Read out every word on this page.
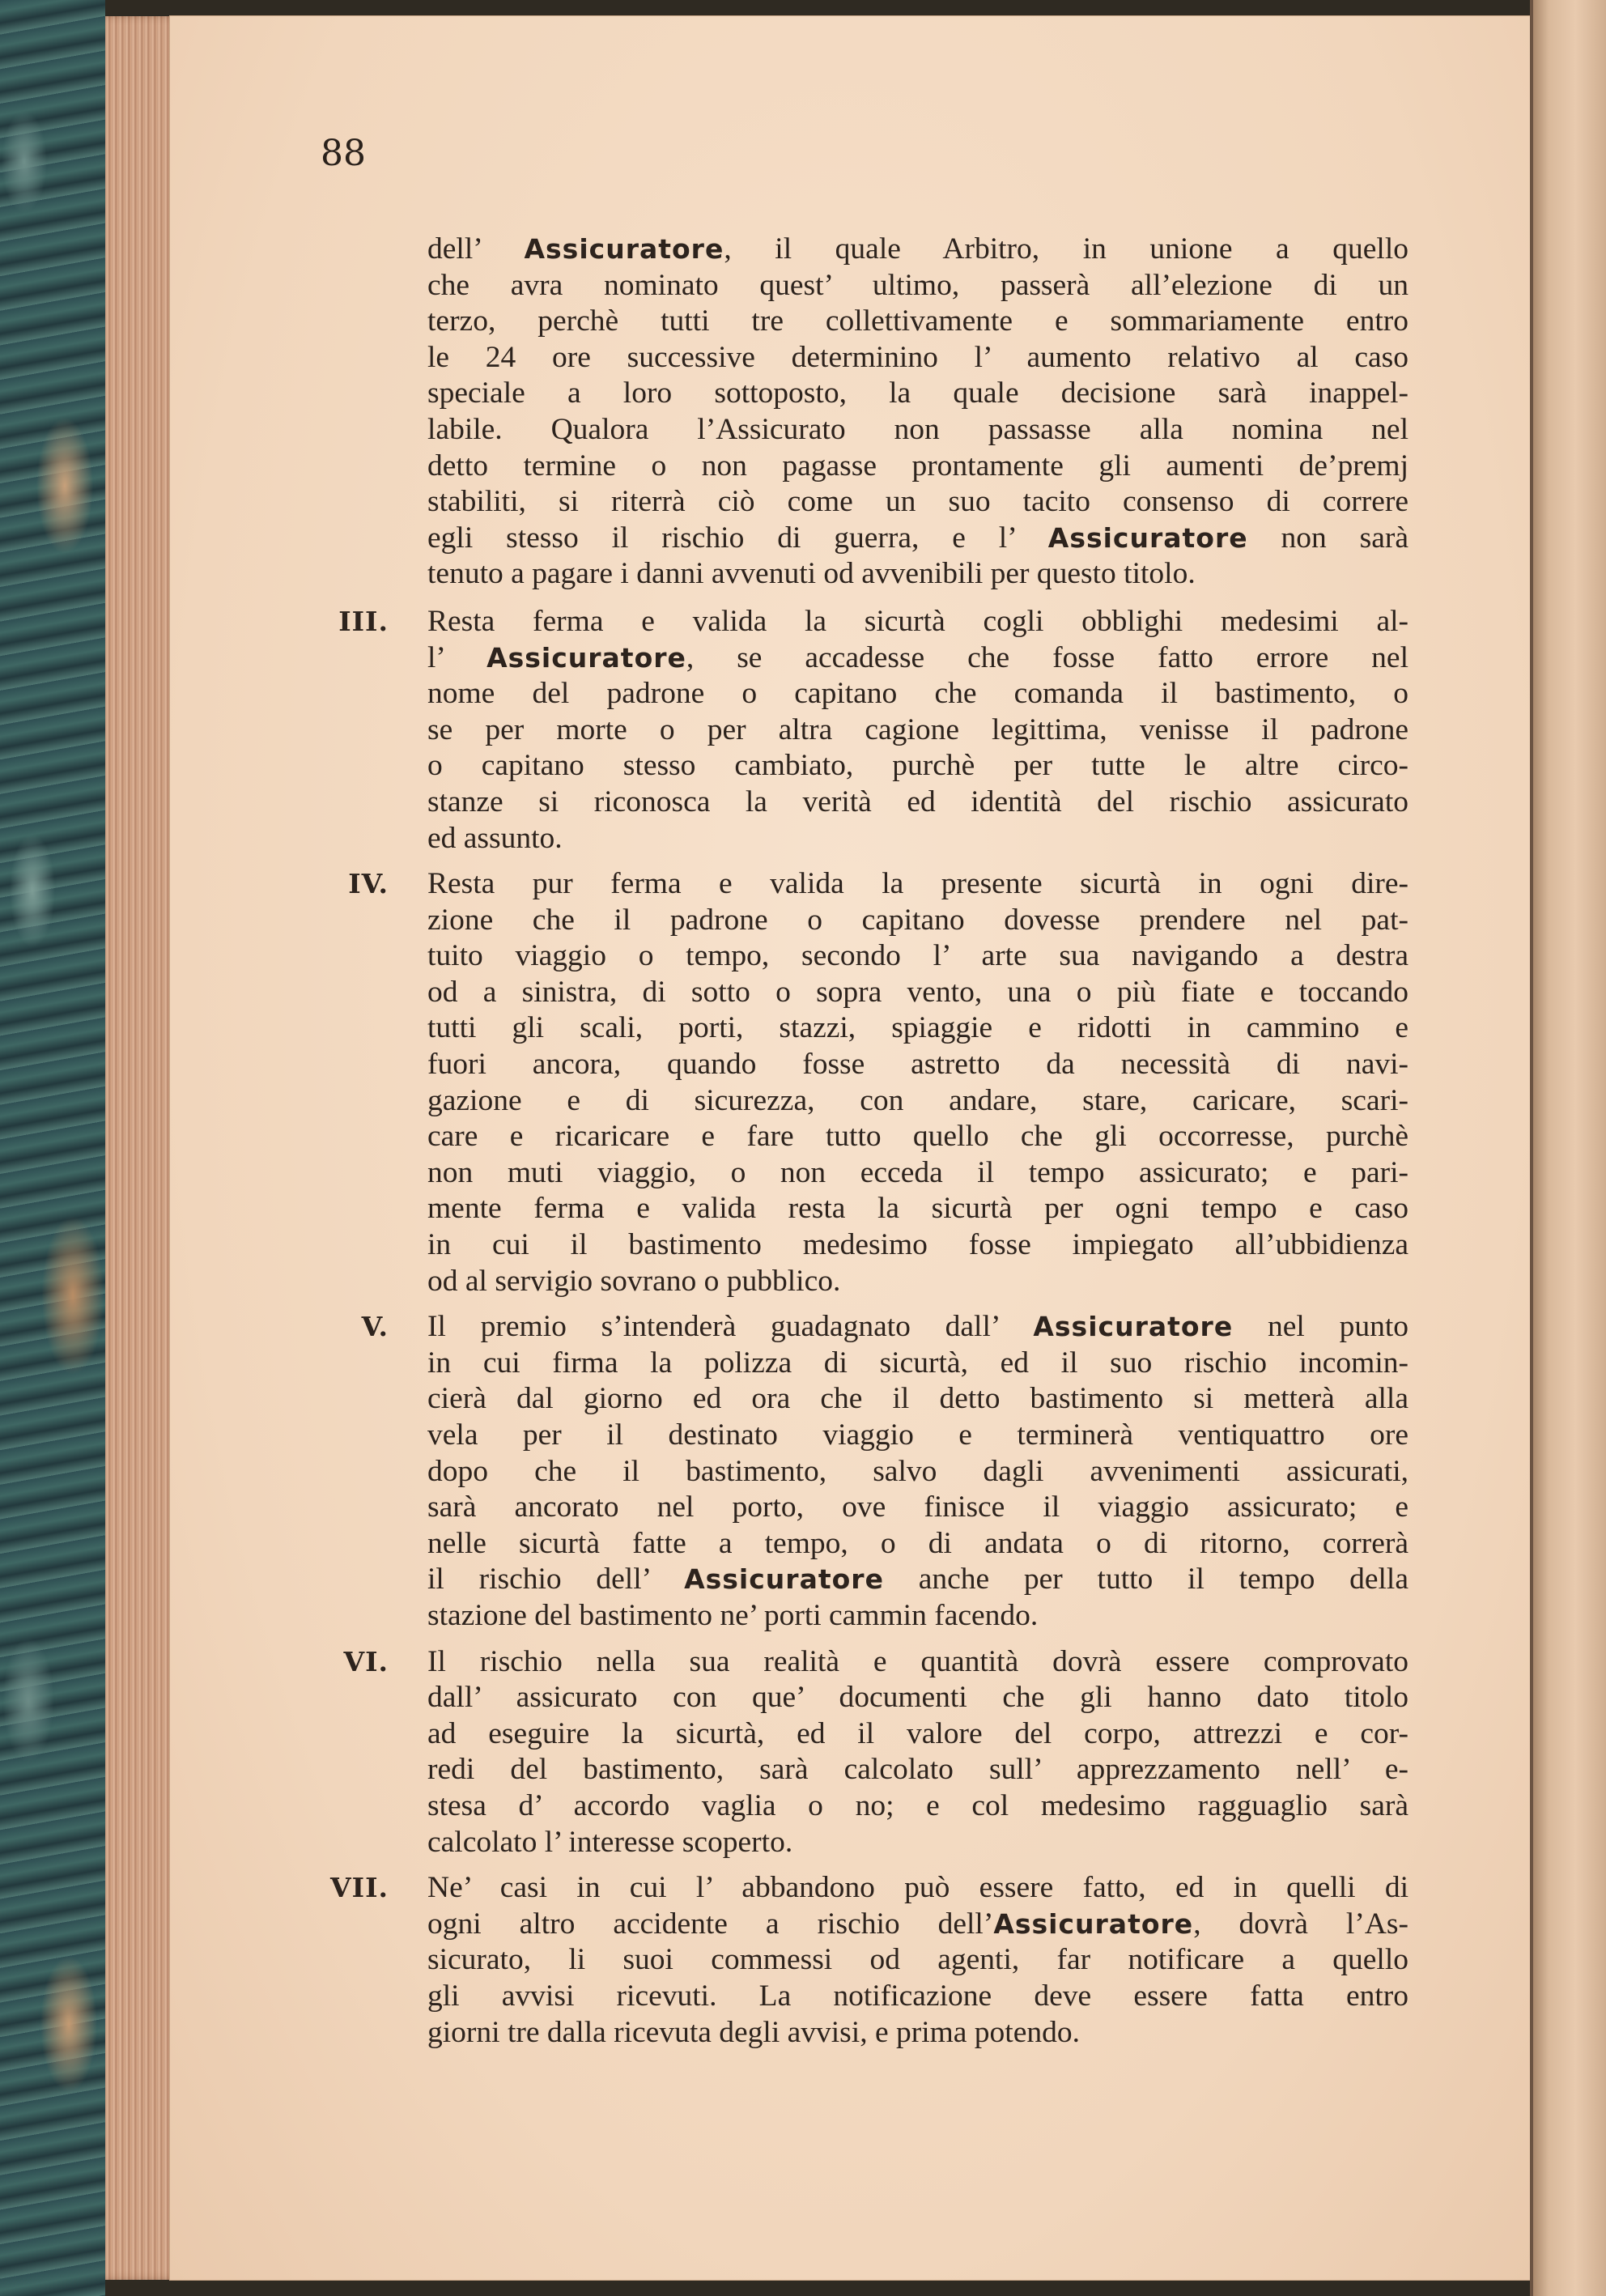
88
dell’ Assicuratore, il quale Arbitro, in unione a quello
che avra nominato quest’ ultimo, passerà all’elezione di un
terzo, perchè tutti tre collettivamente e sommariamente entro
le 24 ore successive determinino l’ aumento relativo al caso
speciale a loro sottoposto, la quale decisione sarà inappel-
labile. Qualora l’Assicurato non passasse alla nomina nel
detto termine o non pagasse prontamente gli aumenti de’premj
stabiliti, si riterrà ciò come un suo tacito consenso di correre
egli stesso il rischio di guerra, e l’ Assicuratore non sarà
tenuto a pagare i danni avvenuti od avvenibili per questo titolo.
III. Resta ferma e valida la sicurtà cogli obblighi medesimi al-
l’ Assicuratore, se accadesse che fosse fatto errore nel
nome del padrone o capitano che comanda il bastimento, o
se per morte o per altra cagione legittima, venisse il padrone
o capitano stesso cambiato, purchè per tutte le altre circo-
stanze si riconosca la verità ed identità del rischio assicurato
ed assunto.
IV. Resta pur ferma e valida la presente sicurtà in ogni dire-
zione che il padrone o capitano dovesse prendere nel pat-
tuito viaggio o tempo, secondo l’ arte sua navigando a destra
od a sinistra, di sotto o sopra vento, una o più fiate e toccando
tutti gli scali, porti, stazzi, spiaggie e ridotti in cammino e
fuori ancora, quando fosse astretto da necessità di navi-
gazione e di sicurezza, con andare, stare, caricare, scari-
care e ricaricare e fare tutto quello che gli occorresse, purchè
non muti viaggio, o non ecceda il tempo assicurato; e pari-
mente ferma e valida resta la sicurtà per ogni tempo e caso
in cui il bastimento medesimo fosse impiegato all’ubbidienza
od al servigio sovrano o pubblico.
V. Il premio s’intenderà guadagnato dall’ Assicuratore nel punto
in cui firma la polizza di sicurtà, ed il suo rischio incomin-
cierà dal giorno ed ora che il detto bastimento si metterà alla
vela per il destinato viaggio e terminerà ventiquattro ore
dopo che il bastimento, salvo dagli avvenimenti assicurati,
sarà ancorato nel porto, ove finisce il viaggio assicurato; e
nelle sicurtà fatte a tempo, o di andata o di ritorno, correrà
il rischio dell’ Assicuratore anche per tutto il tempo della
stazione del bastimento ne’ porti cammin facendo.
VI. Il rischio nella sua realità e quantità dovrà essere comprovato
dall’ assicurato con que’ documenti che gli hanno dato titolo
ad eseguire la sicurtà, ed il valore del corpo, attrezzi e cor-
redi del bastimento, sarà calcolato sull’ apprezzamento nell’ e-
stesa d’ accordo vaglia o no; e col medesimo ragguaglio sarà
calcolato l’ interesse scoperto.
VII. Ne’ casi in cui l’ abbandono può essere fatto, ed in quelli di
ogni altro accidente a rischio dell’Assicuratore, dovrà l’As-
sicurato, li suoi commessi od agenti, far notificare a quello
gli avvisi ricevuti. La notificazione deve essere fatta entro
giorni tre dalla ricevuta degli avvisi, e prima potendo.
